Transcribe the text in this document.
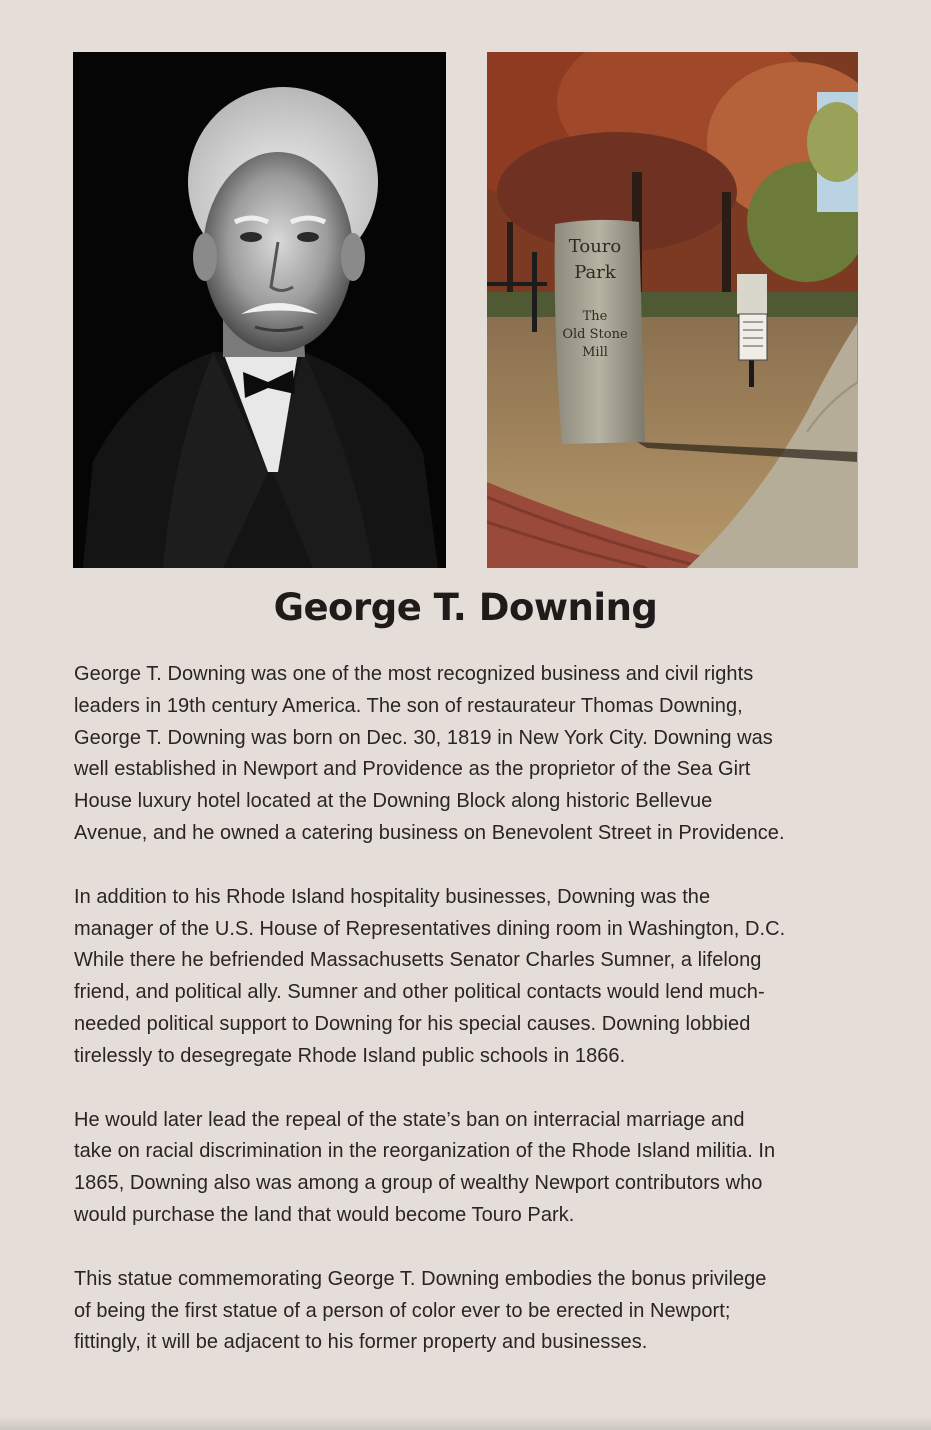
Touro
Park
The
Old Stone
Mill
George T. Downing

George T. Downing was one of the most recognized business and civil rights
leaders in 19th century America. The son of restaurateur Thomas Downing,
George T. Downing was born on Dec. 30, 1819 in New York City. Downing was
well established in Newport and Providence as the proprietor of the Sea Girt
House luxury hotel located at the Downing Block along historic Bellevue
Avenue, and he owned a catering business on Benevolent Street in Providence.

In addition to his Rhode Island hospitality businesses, Downing was the
manager of the U.S. House of Representatives dining room in Washington, D.C.
While there he befriended Massachusetts Senator Charles Sumner, a lifelong
friend, and political ally. Sumner and other political contacts would lend much-
needed political support to Downing for his special causes. Downing lobbied
tirelessly to desegregate Rhode Island public schools in 1866.

He would later lead the repeal of the state’s ban on interracial marriage and
take on racial discrimination in the reorganization of the Rhode Island militia. In
1865, Downing also was among a group of wealthy Newport contributors who
would purchase the land that would become Touro Park.

This statue commemorating George T. Downing embodies the bonus privilege
of being the first statue of a person of color ever to be erected in Newport;
fittingly, it will be adjacent to his former property and businesses.
